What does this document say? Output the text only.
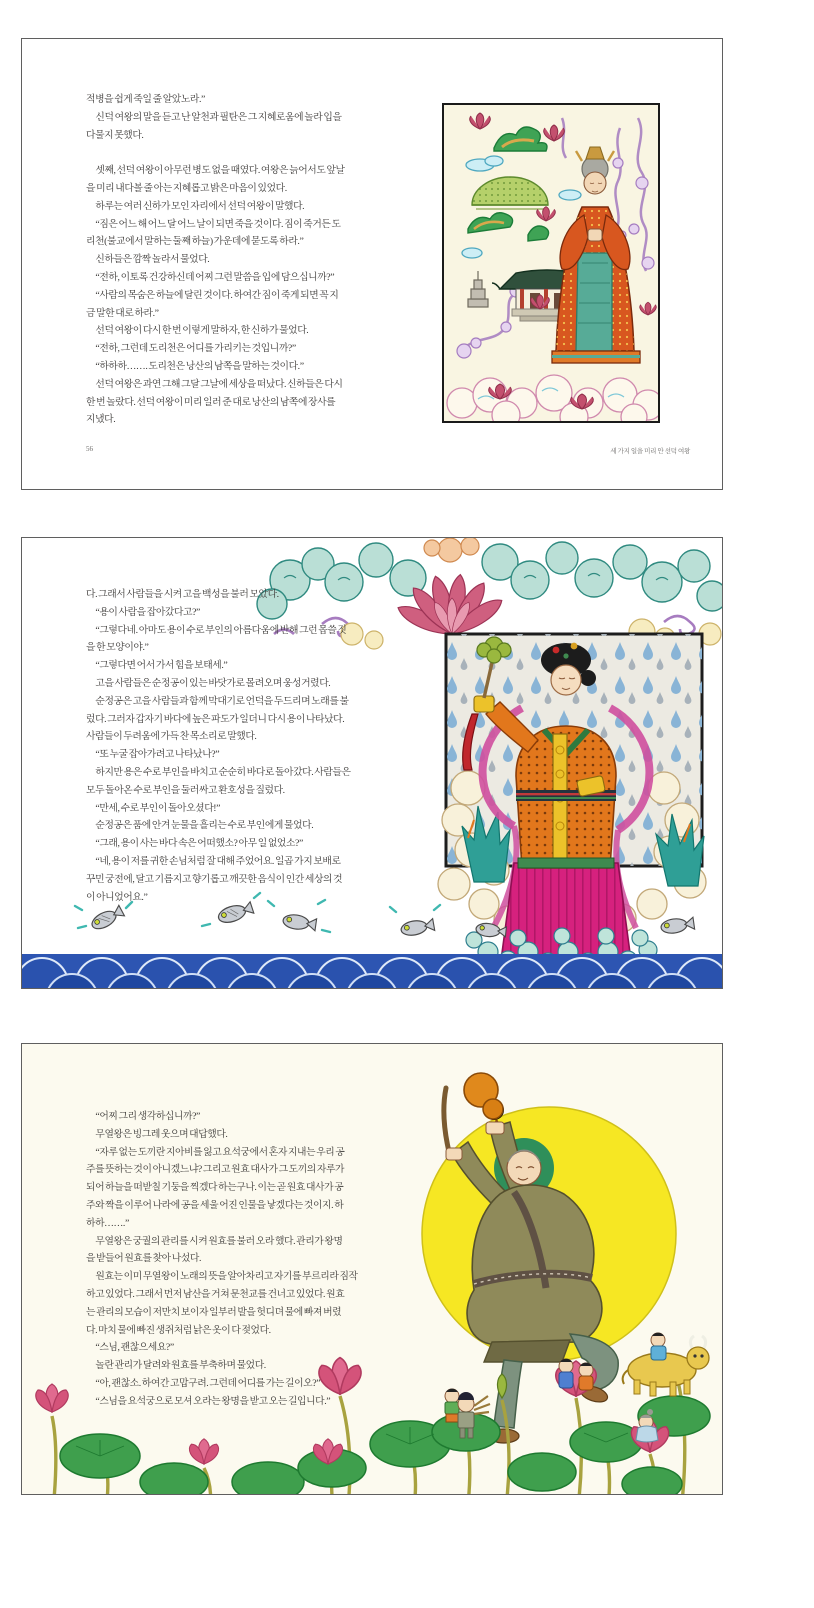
적병을 쉽게 죽일 줄 알았노라.”
　신덕 여왕의 말을 듣고 난 알천과 필탄은 그 지혜로움에 놀라 입을
다물지 못했다.

　셋째, 선덕 여왕이 아무런 병도 없을 때였다. 여왕은 늙어서도 앞날
을 미리 내다볼 줄 아는 지혜롭고 밝은 마음이 있었다.
　하루는 여러 신하가 모인 자리에서 선덕 여왕이 말했다.
　“짐은 어느 해 어느 달 어느 날이 되면 죽을 것이다. 짐이 죽거든 도
리천(불교에서 말하는 둘째 하늘) 가운데에 묻도록 하라.”
　신하들은 깜짝 놀라서 물었다.
　“전하, 이토록 건강하신데 어찌 그런 말씀을 입에 담으십니까?”
　“사람의 목숨은 하늘에 달린 것이다. 하여간 짐이 죽게 되면 꼭 지
금 말한 대로 하라.”
　선덕 여왕이 다시 한 번 이렇게 말하자, 한 신하가 물었다.
　“전하, 그런데 도리천은 어디를 가리키는 것입니까?”
　“하하하……. 도리천은 낭산의 남쪽을 말하는 것이다.”
　선덕 여왕은 과연 그해 그달 그날에 세상을 떠났다. 신하들은 다시
한 번 놀랐다. 선덕 여왕이 미리 일러 준 대로 낭산의 남쪽에 장사를
지냈다.
56	세 가지 일을 미리 안 선덕 여왕
다. 그래서 사람들을 시켜 고을 백성을 불러 모았다.
　“용이 사람을 잡아갔다고?”
　“그렇다네. 아마도 용이 수로 부인의 아름다움에 반해 그런 몹쓸 짓
을 한 모양이야.”
　“그렇다면 어서 가서 힘을 보태세.”
　고을 사람들은 순정공이 있는 바닷가로 몰려오며 웅성거렸다.
　순정공은 고을 사람들과 함께 막대기로 언덕을 두드리며 노래를 불
렀다. 그러자 갑자기 바다에 높은 파도가 일더니 다시 용이 나타났다.
사람들이 두려움에 가득 찬 목소리로 말했다.
　“또 누굴 잡아가려고 나타났나?”
　하지만 용은 수로 부인을 바치고 순순히 바다로 돌아갔다. 사람들은
모두 돌아온 수로 부인을 둘러싸고 환호성을 질렀다.
　“만세, 수로 부인이 돌아오셨다!”
　순정공은 품에 안겨 눈물을 흘리는 수로 부인에게 물었다.
　“그래, 용이 사는 바다 속은 어떠했소? 아무 일 없었소?”
　“네, 용이 저를 귀한 손님처럼 잘 대해 주었어요. 일곱 가지 보배로
꾸민 궁전에, 달고 기름지고 향기롭고 깨끗한 음식이 인간 세상의 것
이 아니었어요.”
　“어찌 그리 생각하십니까?”
　무열왕은 빙그레 웃으며 대답했다.
　“자루 없는 도끼란 지아비를 잃고 요석궁에서 혼자 지내는 우리 공
주를 뜻하는 것이 아니겠느냐? 그리고 원효 대사가 그 도끼의 자루가
되어 하늘을 떠받칠 기둥을 찍겠다 하는구나. 이는 곧 원효 대사가 공
주와 짝을 이루어 나라에 공을 세울 어진 인물을 낳겠다는 것이지. 하
하하…….”
　무열왕은 궁궐의 관리를 시켜 원효를 불러 오라 했다. 관리가 왕명
을 받들어 원효를 찾아 나섰다.
　원효는 이미 무열왕이 노래의 뜻을 알아차리고 자기를 부르리라 짐작
하고 있었다. 그래서 먼저 남산을 거쳐 문천교를 건너고 있었다. 원효
는 관리의 모습이 저만치 보이자 일부러 발을 헛디뎌 물에 빠져 버렸
다. 마치 물에 빠진 생쥐처럼 낡은 옷이 다 젖었다.
　“스님, 괜찮으세요?”
　놀란 관리가 달려와 원효를 부축하며 물었다.
　“아, 괜찮소. 하여간 고맙구려. 그런데 어디를 가는 길이오?”
　“스님을 요석궁으로 모셔 오라는 왕명을 받고 오는 길입니다.”
